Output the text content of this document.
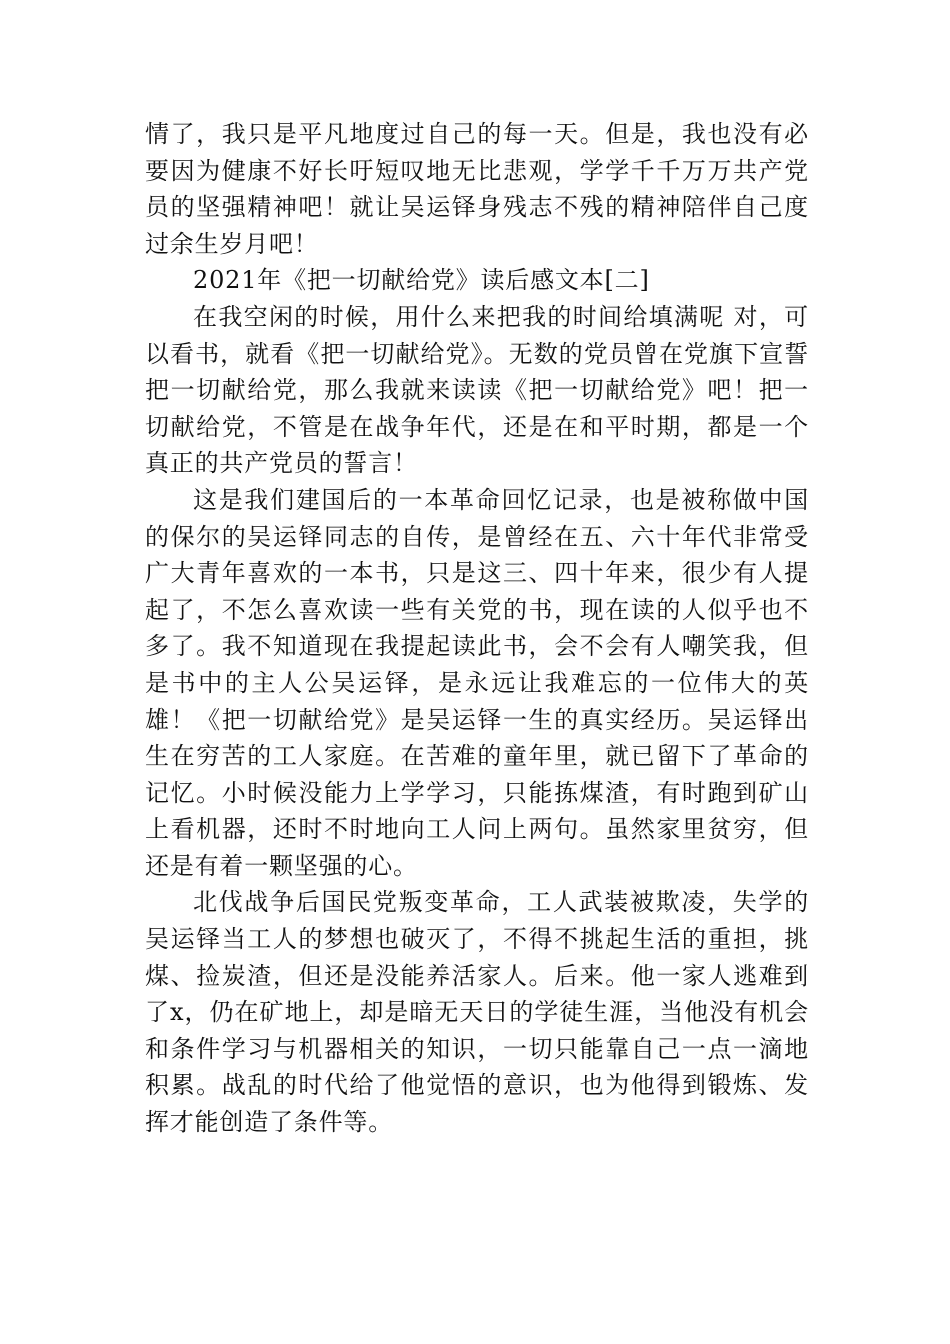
情了，我只是平凡地度过自己的每一天。但是，我也没有必要因为健康不好长吁短叹地无比悲观，学学千千万万共产党员的坚强精神吧！就让吴运铎身残志不残的精神陪伴自己度过余生岁月吧！

2021年《把一切献给党》读后感文本[二]

在我空闲的时候，用什么来把我的时间给填满呢 对，可以看书，就看《把一切献给党》。无数的党员曾在党旗下宣誓把一切献给党，那么我就来读读《把一切献给党》吧！把一切献给党，不管是在战争年代，还是在和平时期，都是一个真正的共产党员的誓言！

这是我们建国后的一本革命回忆记录，也是被称做中国的保尔的吴运铎同志的自传，是曾经在五、六十年代非常受广大青年喜欢的一本书，只是这三、四十年来，很少有人提起了，不怎么喜欢读一些有关党的书，现在读的人似乎也不多了。我不知道现在我提起读此书，会不会有人嘲笑我，但是书中的主人公吴运铎，是永远让我难忘的一位伟大的英雄！《把一切献给党》是吴运铎一生的真实经历。吴运铎出生在穷苦的工人家庭。在苦难的童年里，就已留下了革命的记忆。小时候没能力上学学习，只能拣煤渣，有时跑到矿山上看机器，还时不时地向工人问上两句。虽然家里贫穷，但还是有着一颗坚强的心。

北伐战争后国民党叛变革命，工人武装被欺凌，失学的吴运铎当工人的梦想也破灭了，不得不挑起生活的重担，挑煤、捡炭渣，但还是没能养活家人。后来。他一家人逃难到了x，仍在矿地上，却是暗无天日的学徒生涯，当他没有机会和条件学习与机器相关的知识，一切只能靠自己一点一滴地积累。战乱的时代给了他觉悟的意识，也为他得到锻炼、发挥才能创造了条件等。
